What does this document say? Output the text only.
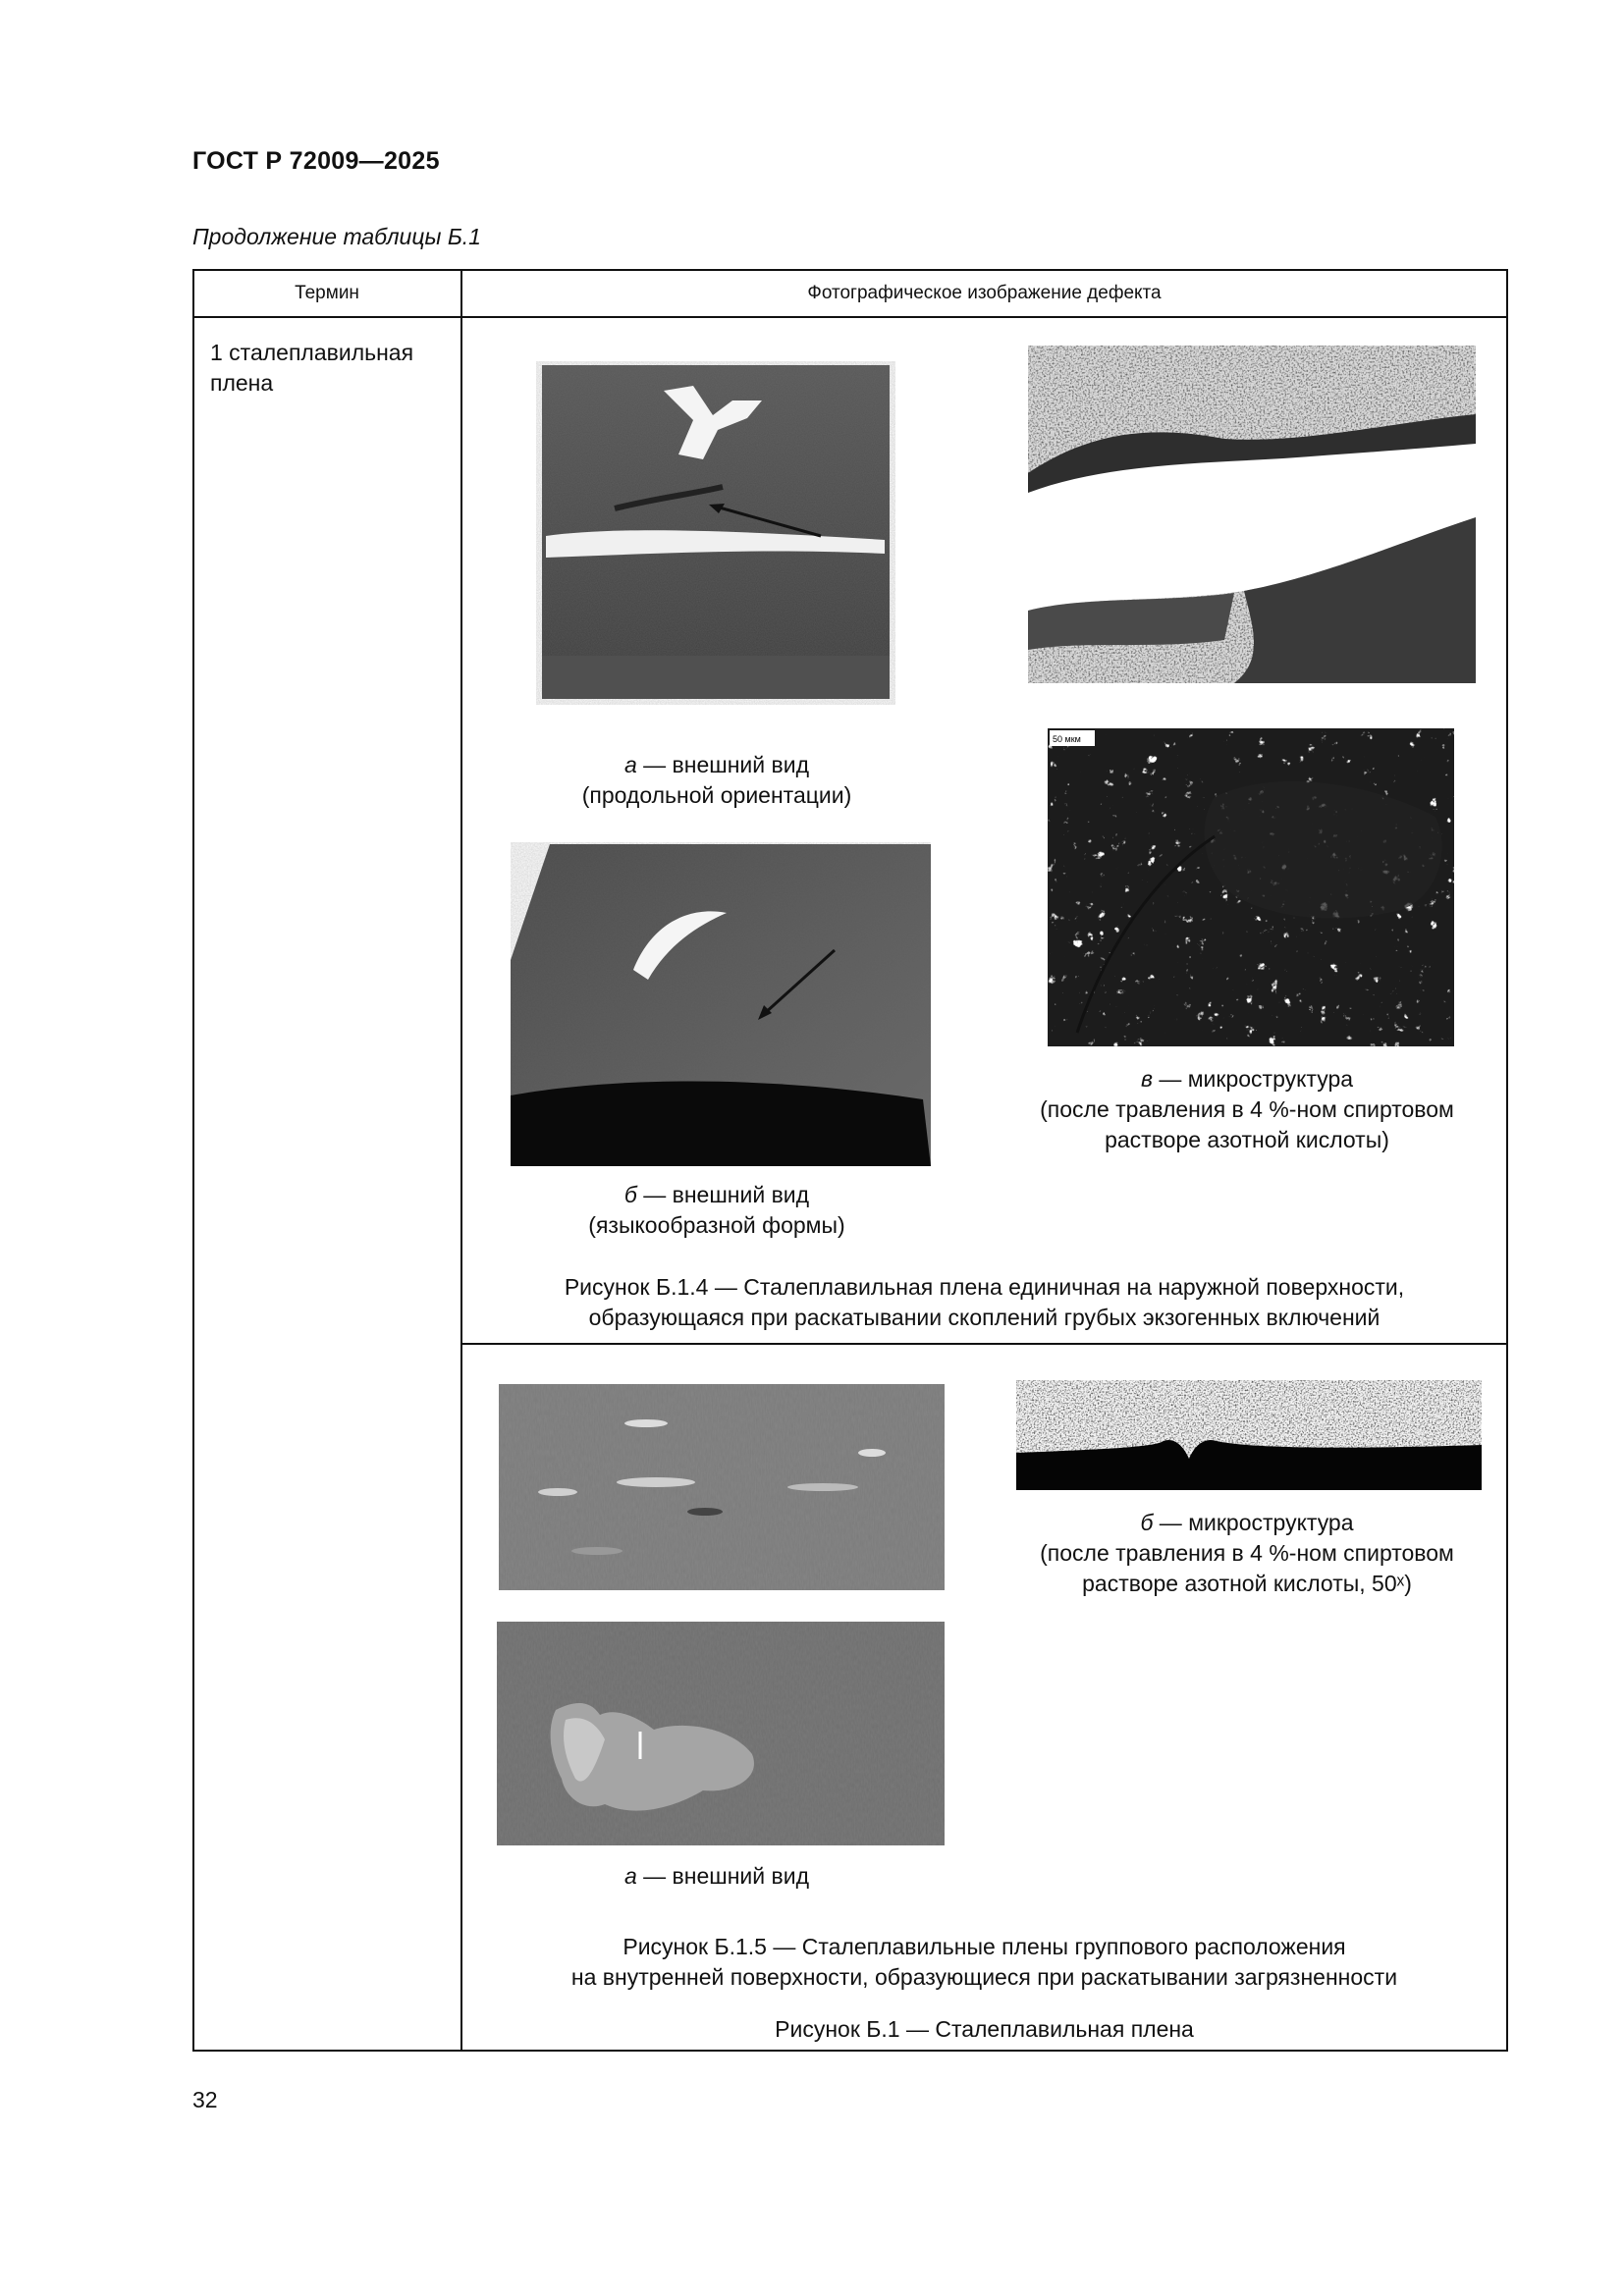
ГОСТ Р 72009—2025
Продолжение таблицы Б.1
Термин	Фотографическое изображение дефекта
1 сталеплавильная плена
а — внешний вид
(продольной ориентации)
50 мкм
в — микроструктура
(после травления в 4 %-ном спиртовом
растворе азотной кислоты)
б — внешний вид
(языкообразной формы)
Рисунок Б.1.4 — Сталеплавильная плена единичная на наружной поверхности,
образующаяся при раскатывании скоплений грубых экзогенных включений
б — микроструктура
(после травления в 4 %-ном спиртовом
растворе азотной кислоты, 50ˣ)
а — внешний вид
Рисунок Б.1.5 — Сталеплавильные плены группового расположения
на внутренней поверхности, образующиеся при раскатывании загрязненности
Рисунок Б.1 — Сталеплавильная плена
32
